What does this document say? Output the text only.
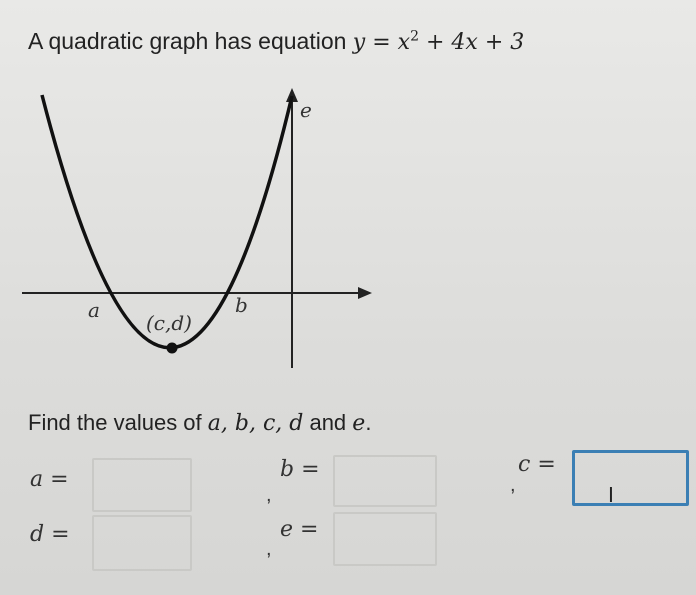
A quadratic graph has equation $y = x^2 + 4x + 3$
e
a	b
(c,d)
Find the values of a, b, c, d and e.
a =
,
b =
,
c =
I
d =
,
e =
